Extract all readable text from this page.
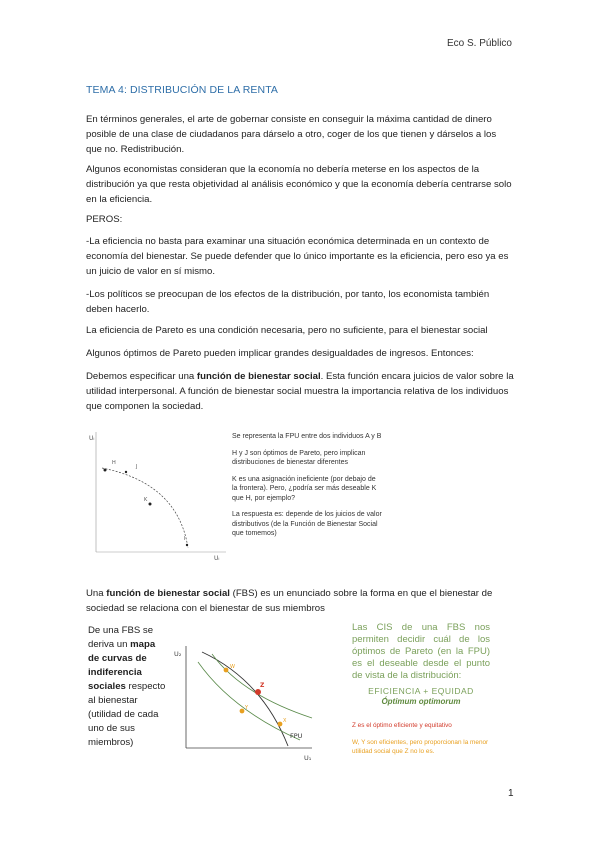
Eco S. Público
TEMA 4: DISTRIBUCIÓN DE LA RENTA
En términos generales, el arte de gobernar consiste en conseguir la máxima cantidad de dinero posible de una clase de ciudadanos para dárselo a otro, coger de los que tienen y dárselos a los que no. Redistribución.
Algunos economistas consideran que la economía no debería meterse en los aspectos de la distribución ya que resta objetividad al análisis económico y que la economía debería centrarse solo en la eficiencia.
PEROS:
-La eficiencia no basta para examinar una situación económica determinada en un contexto de economía del bienestar. Se puede defender que lo único importante es la eficiencia, pero eso ya es un juicio de valor en sí mismo.
-Los políticos se preocupan de los efectos de la distribución, por tanto, los economista también deben hacerlo.
La eficiencia de Pareto es una condición necesaria, pero no suficiente, para el bienestar social
Algunos óptimos de Pareto pueden implicar grandes desigualdades de ingresos. Entonces:
Debemos especificar una función de bienestar social. Esta función encara juicios de valor sobre la utilidad interpersonal. A función de bienestar social muestra la importancia relativa de los individuos que componen la sociedad.
Uᵢ
Uᵢ
H
J
K
I

Se representa la FPU entre dos individuos A y B

H y J son óptimos de Pareto, pero implican distribuciones de bienestar diferentes

K es una asignación ineficiente (por debajo de la frontera). Pero, ¿podría ser más deseable K que H, por ejemplo?

La respuesta es: depende de los juicios de valor distributivos (de la Función de Bienestar Social que tomemos)

Una función de bienestar social (FBS) es un enunciado sobre la forma en que el bienestar de sociedad se relaciona con el bienestar de sus miembros
De una FBS se deriva un mapa de curvas de indiferencia sociales respecto al bienestar (utilidad de cada uno de sus miembros)
U₂
U₁
FPU
W
Z
Y
X
Las CIS de una FBS nos permiten decidir cuál de los óptimos de Pareto (en la FPU) es el deseable desde el punto de vista de la distribución:
EFICIENCIA + EQUIDAD
Óptimum optimorum
Z es el óptimo eficiente y equitativo
W, Y son eficientes, pero proporcionan la menor utilidad social que Z no lo es.
1
